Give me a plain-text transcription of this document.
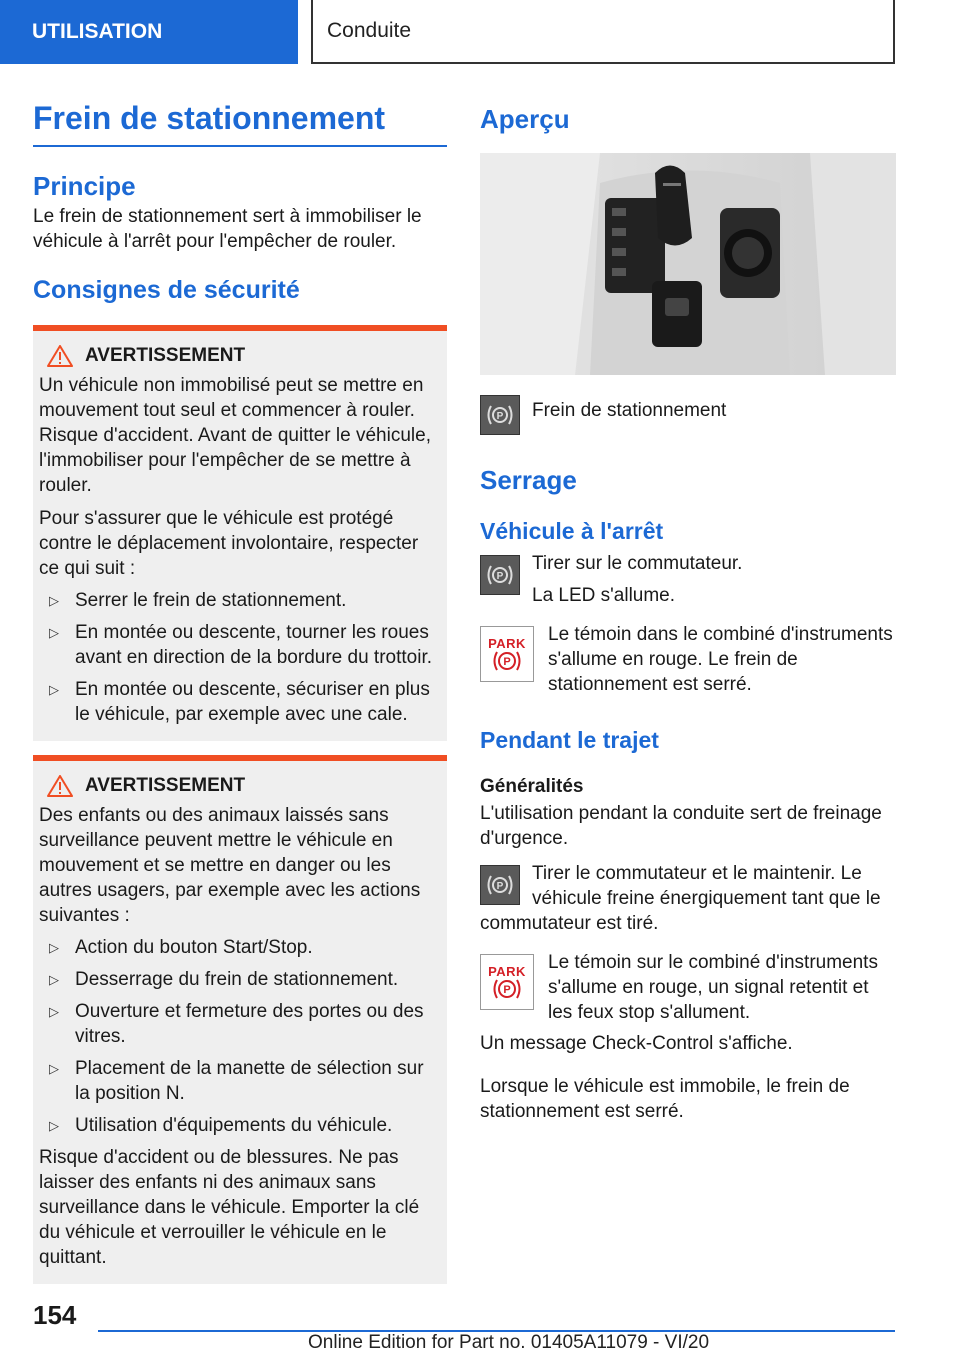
UTILISATION	Conduite
Frein de stationnement
Principe

Le frein de stationnement sert à immobiliser le véhicule à l'arrêt pour l'empêcher de rouler.

Consignes de sécurité
AVERTISSEMENT

Un véhicule non immobilisé peut se mettre en mouvement tout seul et commencer à rouler. Risque d'accident. Avant de quitter le véhicule, l'immobiliser pour l'empêcher de se mettre à rouler.

Pour s'assurer que le véhicule est protégé contre le déplacement involontaire, respecter ce qui suit :

▷ Serrer le frein de stationnement.
▷ En montée ou descente, tourner les roues avant en direction de la bordure du trottoir.
▷ En montée ou descente, sécuriser en plus le véhicule, par exemple avec une cale.
AVERTISSEMENT

Des enfants ou des animaux laissés sans surveillance peuvent mettre le véhicule en mouvement et se mettre en danger ou les autres usagers, par exemple avec les actions suivantes :

▷ Action du bouton Start/Stop.
▷ Desserrage du frein de stationnement.
▷ Ouverture et fermeture des portes ou des vitres.
▷ Placement de la manette de sélection sur la position N.
▷ Utilisation d'équipements du véhicule.

Risque d'accident ou de blessures. Ne pas laisser des enfants ni des animaux sans surveillance dans le véhicule. Emporter la clé du véhicule et verrouiller le véhicule en le quittant.

Aperçu
P Frein de stationnement

Serrage
Véhicule à l'arrêt
P

Tirer sur le commutateur.

La LED s'allume.

PARK
P

Le témoin dans le combiné d'instruments s'allume en rouge. Le frein de stationnement est serré.

Pendant le trajet

Généralités

L'utilisation pendant la conduite sert de freinage d'urgence.

P

Tirer le commutateur et le maintenir. Le véhicule freine énergiquement tant que le commutateur est tiré.

PARK
P

Le témoin sur le combiné d'instruments s'allume en rouge, un signal retentit et les feux stop s'allument.

Un message Check-Control s'affiche.

Lorsque le véhicule est immobile, le frein de stationnement est serré.

154
Online Edition for Part no. 01405A11079 - VI/20
